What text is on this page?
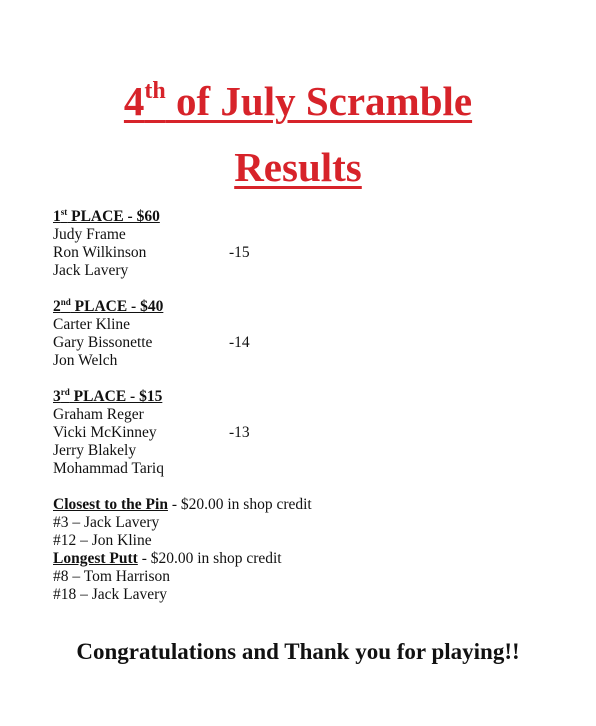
4th of July Scramble
Results
1st PLACE - $60
Judy Frame
Ron Wilkinson	-15
Jack Lavery
2nd PLACE - $40
Carter Kline
Gary Bissonette	-14
Jon Welch
3rd PLACE - $15
Graham Reger
Vicki McKinney	-13
Jerry Blakely
Mohammad Tariq
Closest to the Pin - $20.00 in shop credit
#3 – Jack Lavery
#12 – Jon Kline
Longest Putt - $20.00 in shop credit
#8 – Tom Harrison
#18 – Jack Lavery
Congratulations and Thank you for playing!!
